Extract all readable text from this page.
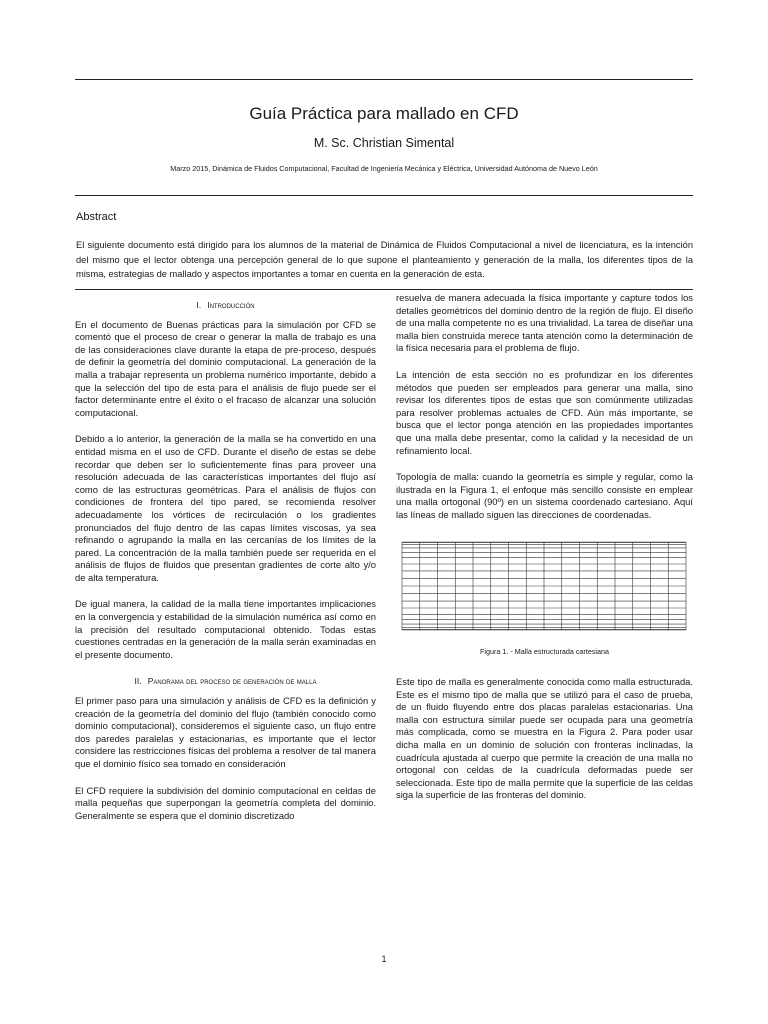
Guía Práctica para mallado en CFD
M. Sc. Christian Simental
Marzo 2015, Dinámica de Fluidos Computacional, Facultad de Ingeniería Mecánica y Eléctrica, Universidad Autónoma de Nuevo León
Abstract

El siguiente documento está dirigido para los alumnos de la material de Dinámica de Fluidos Computacional a nivel de licenciatura, es la intención del mismo que el lector obtenga una percepción general de lo que supone el planteamiento y generación de la malla, los diferentes tipos de la misma, estrategias de mallado y aspectos importantes a tomar en cuenta en la generación de esta.

I. Introducción

En el documento de Buenas prácticas para la simulación por CFD se comentó que el proceso de crear o generar la malla de trabajo es una de las consideraciones clave durante la etapa de pre-proceso, después de definir la geometría del dominio computacional. La generación de la malla a trabajar representa un problema numérico importante, debido a que la selección del tipo de esta para el análisis de flujo puede ser el factor determinante entre el éxito o el fracaso de alcanzar una solución computacional.

Debido a lo anterior, la generación de la malla se ha convertido en una entidad misma en el uso de CFD. Durante el diseño de estas se debe recordar que deben ser lo suficientemente finas para proveer una resolución adecuada de las características importantes del flujo así como de las estructuras geométricas. Para el análisis de flujos con condiciones de frontera del tipo pared, se recomienda resolver adecuadamente los vórtices de recirculación o los gradientes pronunciados del flujo dentro de las capas límites viscosas, ya sea refinando o agrupando la malla en las cercanías de los límites de la pared. La concentración de la malla también puede ser requerida en el análisis de flujos de fluidos que presentan gradientes de corte alto y/o de alta temperatura.

De igual manera, la calidad de la malla tiene importantes implicaciones en la convergencia y estabilidad de la simulación numérica así como en la precisión del resultado computacional obtenido. Todas estas cuestiones centradas en la generación de la malla serán examinadas en el presente documento.

II. Panorama del proceso de generación de malla

El primer paso para una simulación y análisis de CFD es la definición y creación de la geometría del dominio del flujo (también conocido como dominio computacional), consideremos el siguiente caso, un flujo entre dos paredes paralelas y estacionarias, es importante que el lector considere las restricciones físicas del problema a resolver de tal manera que el dominio físico sea tomado en consideración

El CFD requiere la subdivisión del dominio computacional en celdas de malla pequeñas que superpongan la geometría completa del dominio. Generalmente se espera que el dominio discretizado

resuelva de manera adecuada la física importante y capture todos los detalles geométricos del dominio dentro de la región de flujo. El diseño de una malla competente no es una trivialidad. La tarea de diseñar una malla bien construida merece tanta atención como la determinación de la física necesaria para el problema de flujo.

La intención de esta sección no es profundizar en los diferentes métodos que pueden ser empleados para generar una malla, sino revisar los diferentes tipos de estas que son comúnmente utilizadas para resolver problemas actuales de CFD. Aún más importante, se busca que el lector ponga atención en las propiedades importantes que una malla debe presentar, como la calidad y la necesidad de un refinamiento local.

Topología de malla: cuando la geometría es simple y regular, como la ilustrada en la Figura 1, el enfoque más sencillo consiste en emplear una malla ortogonal (90º) en un sistema coordenado cartesiano. Aquí las líneas de mallado siguen las direcciones de coordenadas.

Figura 1. - Malla estructurada cartesiana

Este tipo de malla es generalmente conocida como malla estructurada. Este es el mismo tipo de malla que se utilizó para el caso de prueba, de un fluido fluyendo entre dos placas paralelas estacionarias. Una malla con estructura similar puede ser ocupada para una geometría más complicada, como se muestra en la Figura 2. Para poder usar dicha malla en un dominio de solución con fronteras inclinadas, la cuadrícula ajustada al cuerpo que permite la creación de una malla no ortogonal con celdas de la cuadrícula deformadas puede ser seleccionada. Este tipo de malla permite que la superficie de las celdas siga la superficie de las fronteras del dominio.

1
